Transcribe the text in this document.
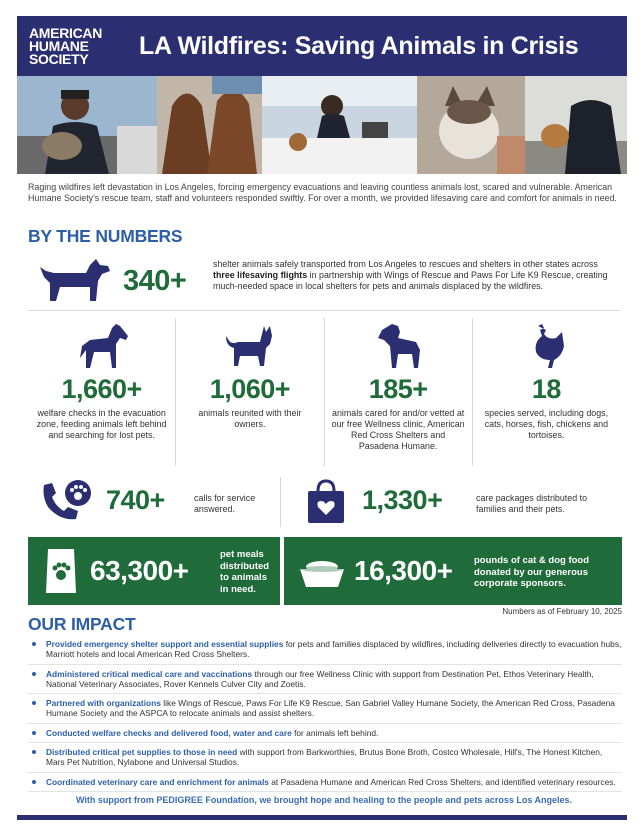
AMERICAN
HUMANE
SOCIETY	LA Wildfires: Saving Animals in Crisis

Raging wildfires left devastation in Los Angeles, forcing emergency evacuations and leaving countless animals lost, scared and vulnerable. American Humane Society's rescue team, staff and volunteers responded swiftly. For over a month, we provided lifesaving care and comfort for animals in need.

BY THE NUMBERS
340+
shelter animals safely transported from Los Angeles to rescues and shelters in other states across three lifesaving flights in partnership with Wings of Rescue and Paws For Life K9 Rescue, creating much-needed space in local shelters for pets and animals displaced by the wildfires.
1,660+
welfare checks in the evacuation zone, feeding animals left behind and searching for lost pets.
1,060+
animals reunited with their owners.
185+
animals cared for and/or vetted at our free Wellness clinic, American Red Cross Shelters and Pasadena Humane.
18
species served, including dogs, cats, horses, fish, chickens and tortoises.
740+	calls for service answered.	1,330+	care packages distributed to families and their pets.
63,300+
pet meals distributed to animals in need.
16,300+ pounds of cat & dog food donated by our generous corporate sponsors.
Numbers as of February 10, 2025
OUR IMPACT
Provided emergency shelter support and essential supplies for pets and families displaced by wildfires, including deliveries directly to evacuation hubs, Marriott hotels and local American Red Cross Shelters.
Administered critical medical care and vaccinations through our free Wellness Clinic with support from Destination Pet, Ethos Veterinary Health, National Veterinary Associates, Rover Kennels Culver City and Zoetis.
Partnered with organizations like Wings of Rescue, Paws For Life K9 Rescue, San Gabriel Valley Humane Society, the American Red Cross, Pasadena Humane Society and the ASPCA to relocate animals and assist shelters.
Conducted welfare checks and delivered food, water and care for animals left behind.
Distributed critical pet supplies to those in need with support from Barkworthies, Brutus Bone Broth, Costco Wholesale, Hill's, The Honest Kitchen, Mars Pet Nutrition, Nylabone and Universal Studios.
Coordinated veterinary care and enrichment for animals at Pasadena Humane and American Red Cross Shelters, and identified veterinary resources.
With support from PEDIGREE Foundation, we brought hope and healing to the people and pets across Los Angeles.
